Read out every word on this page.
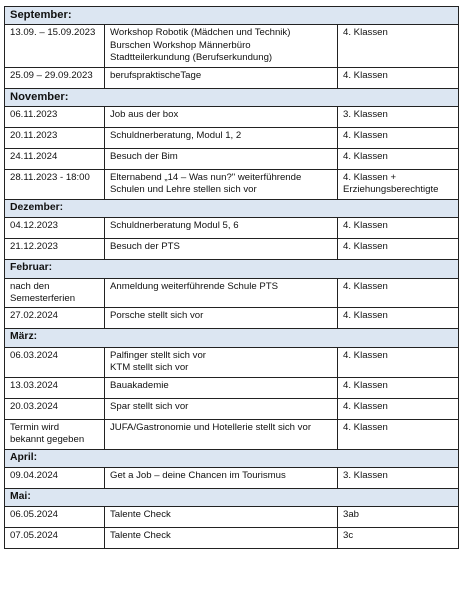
September:		
13.09. – 15.09.2023	Workshop Robotik (Mädchen und Technik)
Burschen Workshop Männerbüro
Stadtteilerkundung (Berufserkundung)	4. Klassen
25.09 – 29.09.2023	berufspraktischeTage	4. Klassen
November:		
06.11.2023	Job aus der box	3. Klassen
20.11.2023	Schuldnerberatung, Modul 1, 2	4. Klassen
24.11.2024	Besuch der Bim	4. Klassen
28.11.2023 - 18:00	Elternabend „14 – Was nun?" weiterführende
Schulen und Lehre stellen sich vor	4. Klassen +
Erziehungsberechtigte
Dezember:		
04.12.2023	Schuldnerberatung Modul 5, 6	4. Klassen
21.12.2023	Besuch der PTS	4. Klassen
Februar:		
nach den
Semesterferien	Anmeldung weiterführende Schule PTS	4. Klassen
27.02.2024	Porsche stellt sich vor	4. Klassen
März:		
06.03.2024	Palfinger stellt sich vor
KTM stellt sich vor	4. Klassen
13.03.2024	Bauakademie	4. Klassen
20.03.2024	Spar stellt sich vor	4. Klassen
Termin wird
bekannt gegeben	JUFA/Gastronomie und Hotellerie stellt sich vor	4. Klassen
April:		
09.04.2024	Get a Job – deine Chancen im Tourismus	3. Klassen
Mai:		
06.05.2024	Talente Check	3ab
07.05.2024	Talente Check	3c
